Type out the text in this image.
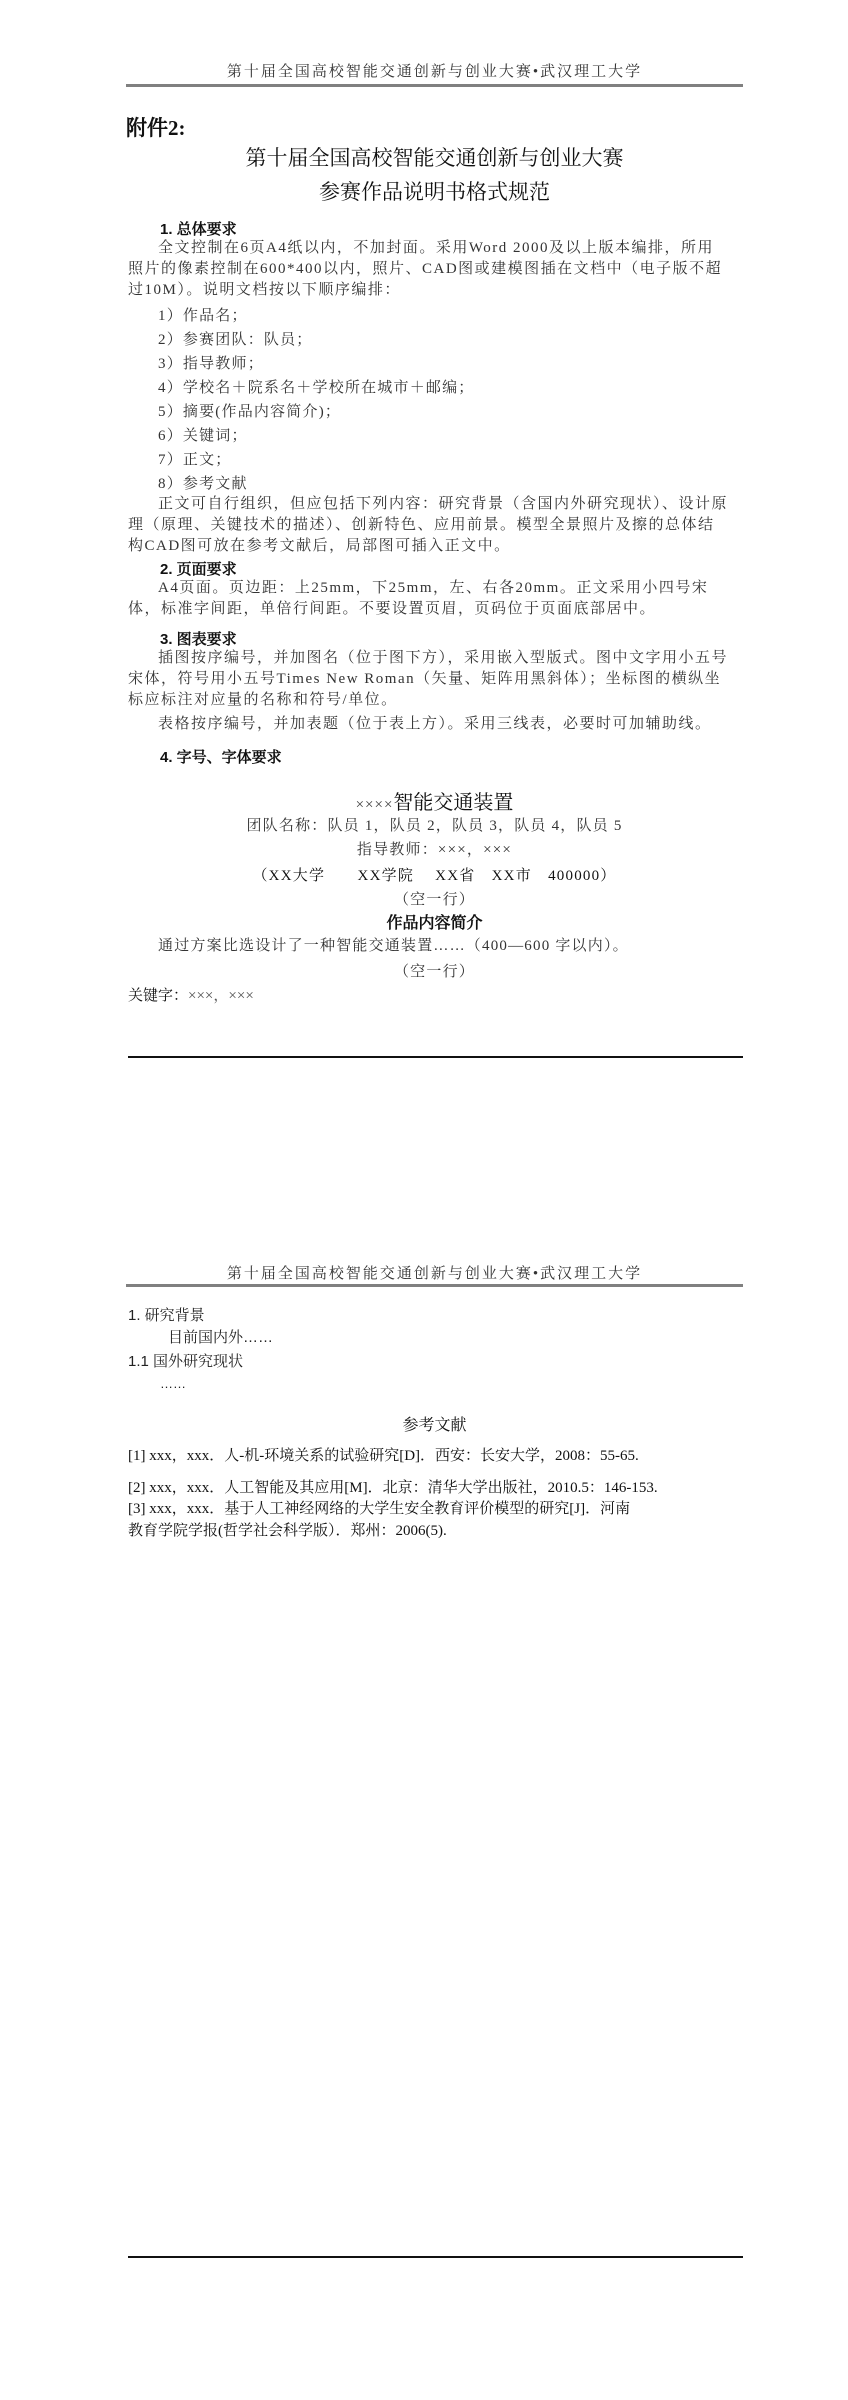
第十届全国高校智能交通创新与创业大赛•武汉理工大学
附件2:
第十届全国高校智能交通创新与创业大赛
参赛作品说明书格式规范
1. 总体要求
全文控制在6页A4纸以内，不加封面。采用Word 2000及以上版本编排，所用照片的像素控制在600*400以内，照片、CAD图或建模图插在文档中（电子版不超过10M）。说明文档按以下顺序编排：
1）作品名；
2）参赛团队：队员；
3）指导教师；
4）学校名＋院系名＋学校所在城市＋邮编；
5）摘要(作品内容简介)；
6）关键词；
7）正文；
8）参考文献
正文可自行组织，但应包括下列内容：研究背景（含国内外研究现状）、设计原理（原理、关键技术的描述）、创新特色、应用前景。模型全景照片及擦的总体结构CAD图可放在参考文献后，局部图可插入正文中。
2. 页面要求
A4页面。页边距：上25mm，下25mm，左、右各20mm。正文采用小四号宋体，标准字间距，单倍行间距。不要设置页眉，页码位于页面底部居中。
3. 图表要求
插图按序编号，并加图名（位于图下方），采用嵌入型版式。图中文字用小五号宋体，符号用小五号Times New Roman（矢量、矩阵用黑斜体）；坐标图的横纵坐标应标注对应量的名称和符号/单位。
表格按序编号，并加表题（位于表上方）。采用三线表，必要时可加辅助线。
4. 字号、字体要求
××××智能交通装置
团队名称：队员 1，队员 2，队员 3，队员 4，队员 5
指导教师：×××，×××
（XX大学　　XX学院　 XX省　XX市　400000）
（空一行）
作品内容简介
通过方案比选设计了一种智能交通装置……（400—600 字以内）。
（空一行）
关键字：×××，×××
第十届全国高校智能交通创新与创业大赛•武汉理工大学
1. 研究背景
目前国内外……
1.1 国外研究现状
……
参考文献
[1] xxx，xxx．人-机-环境关系的试验研究[D]．西安：长安大学，2008：55-65.
[2] xxx，xxx．人工智能及其应用[M]．北京：清华大学出版社，2010.5：146-153.
[3] xxx，xxx．基于人工神经网络的大学生安全教育评价模型的研究[J]．河南
教育学院学报(哲学社会科学版）．郑州：2006(5).
